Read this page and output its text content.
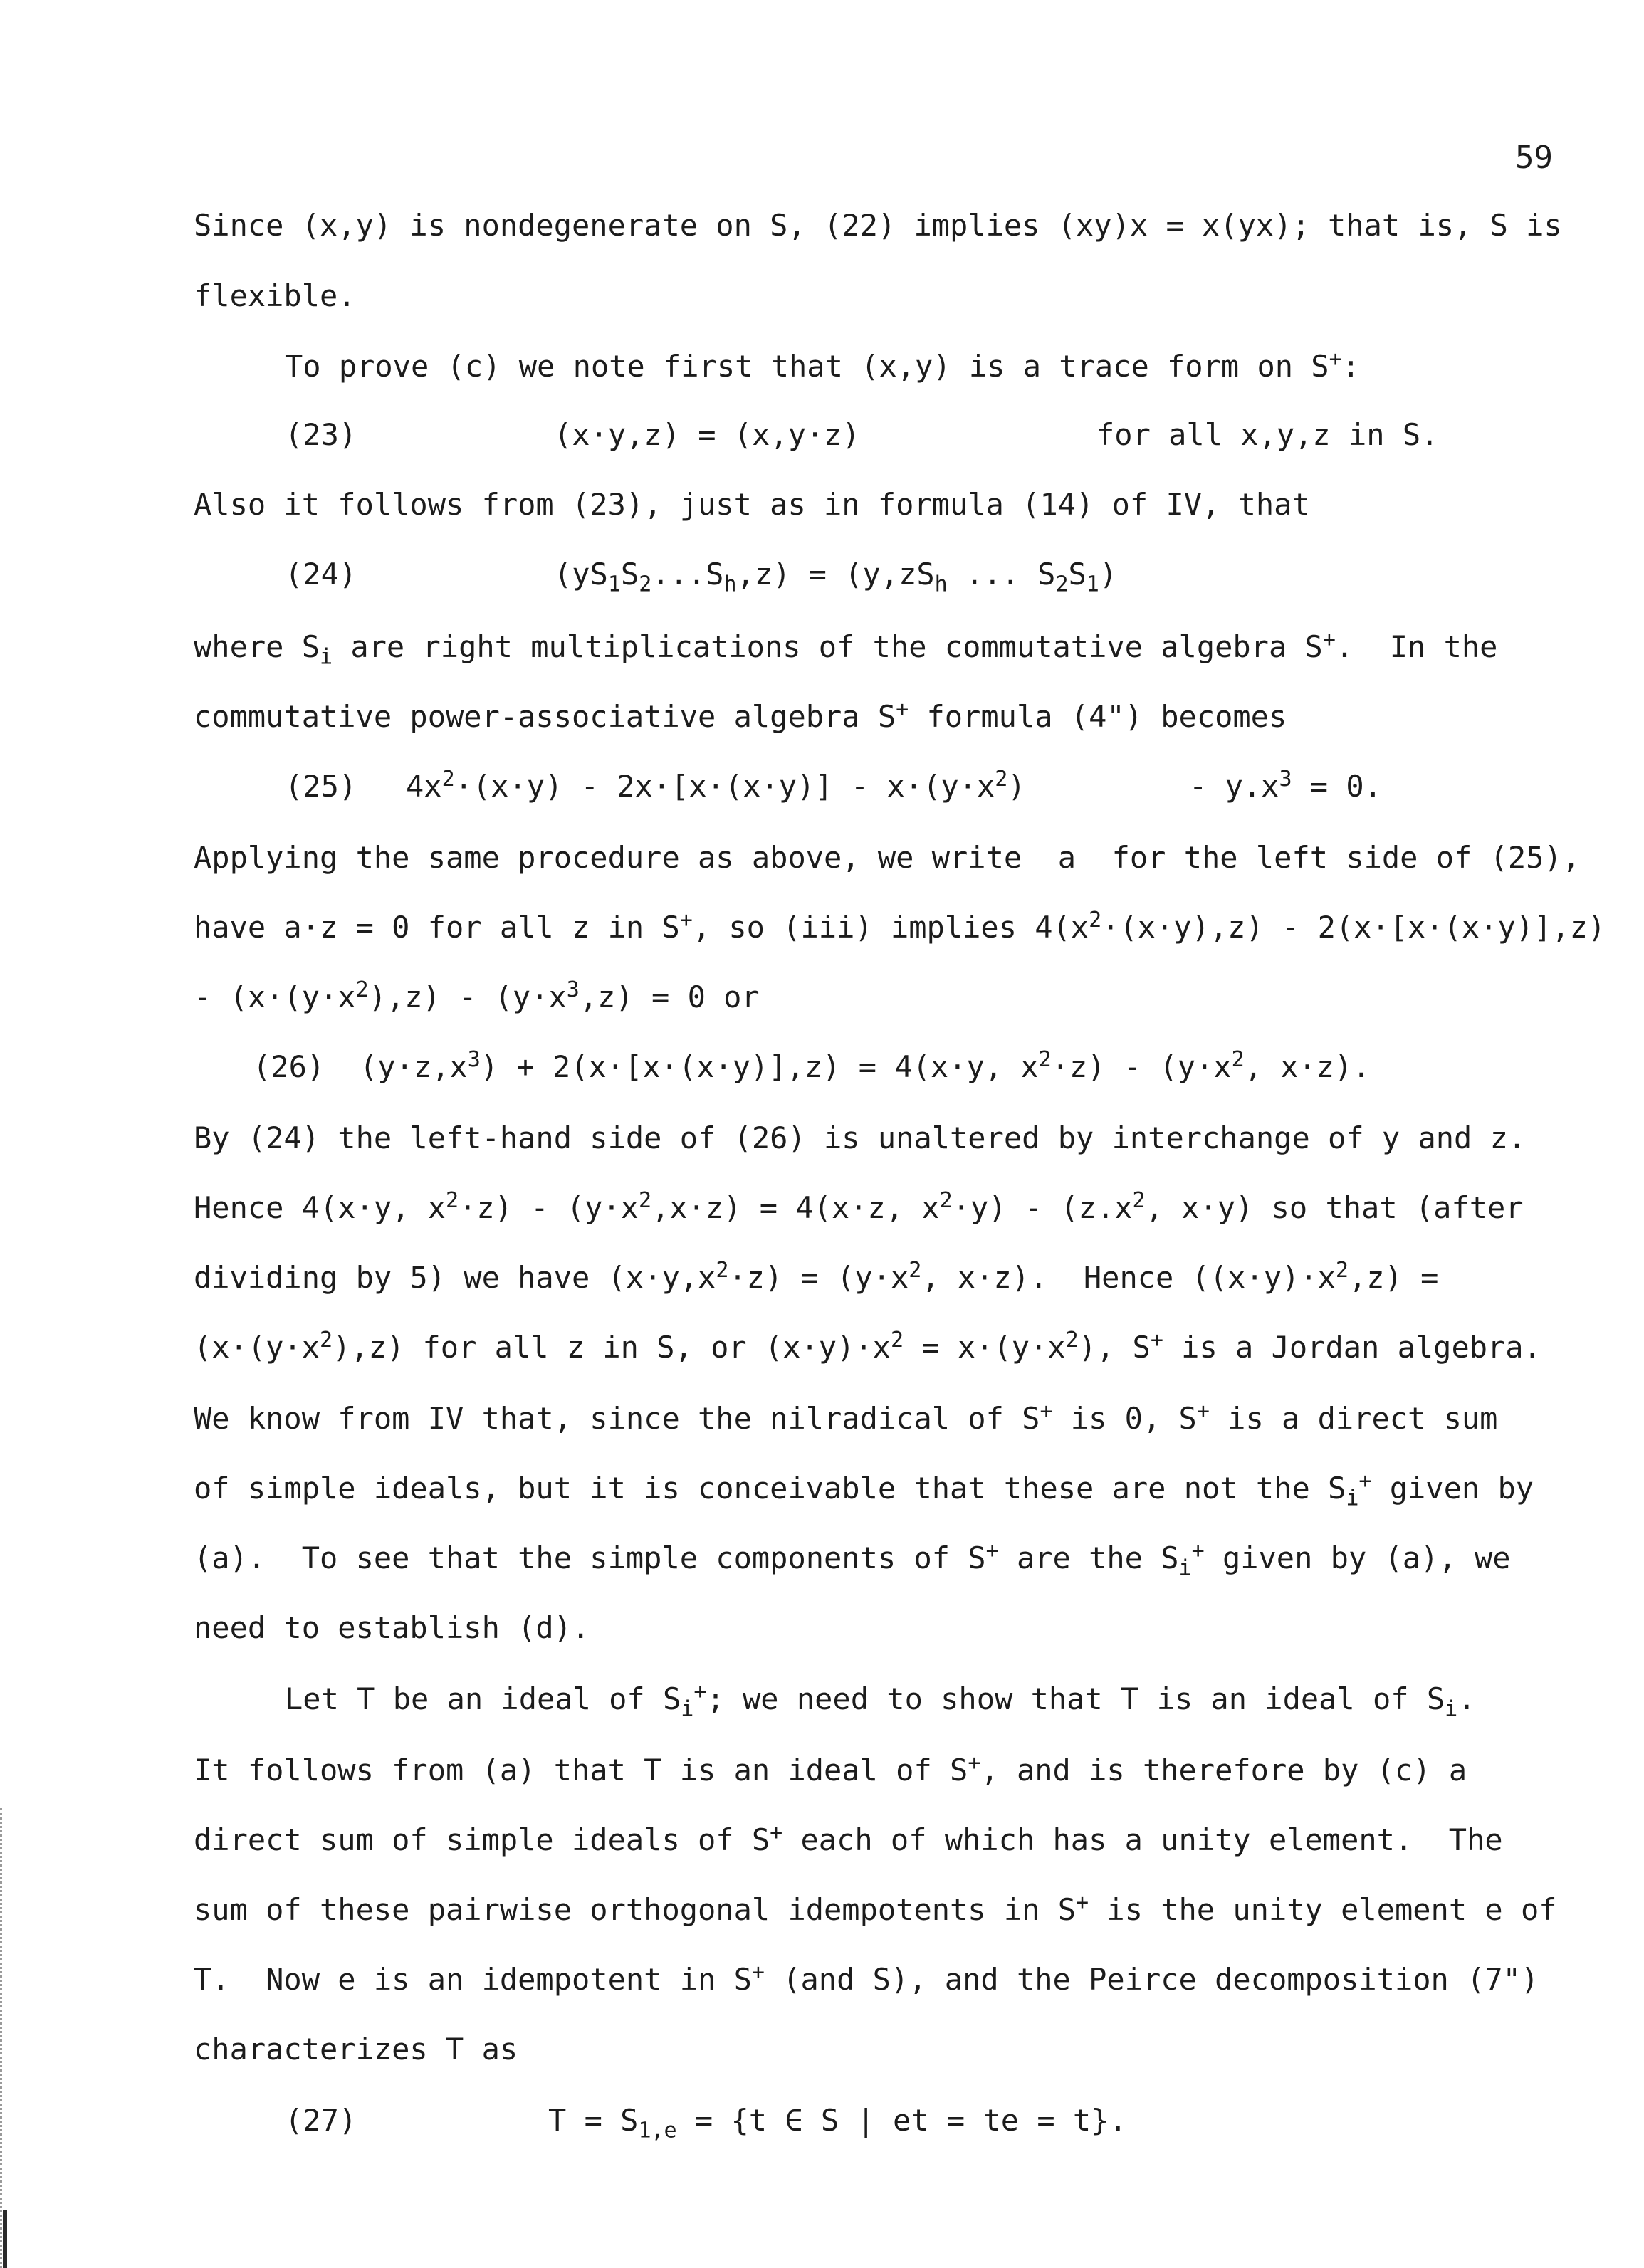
59
Since (x,y) is nondegenerate on S, (22) implies (xy)x = x(yx); that is, S is
flexible.
To prove (c) we note first that (x,y) is a trace form on S+:
(23)	(x·y,z) = (x,y·z)	for all x,y,z in S.
Also it follows from (23), just as in formula (14) of IV, that
(24)	$(yS_1S_2...S_h,z) = (y,zS_h$ ... $S_2S_1$)
where $S_i$ are right multiplications of the commutative algebra S+.  In the
commutative power-associative algebra S+ formula (4") becomes
(25) $4x^2\cdot(x\cdot y) - 2x\cdot[x\cdot(x\cdot y)] - x\cdot(y\cdot x^2)$	- $y.x^3 = 0$.
Applying the same procedure as above, we write  a  for the left side of (25),
have a·z = 0 for all z in S+, so (iii) implies $4(x^2\cdot(x\cdot y),z) - 2(x\cdot[x\cdot(x\cdot y)],z)$
- $(x\cdot(y\cdot x^2),z) - (y\cdot x^3,z) = 0$ or
(26) $(y\cdot z,x^3) + 2(x\cdot[x\cdot(x\cdot y)],z) = 4(x\cdot y$, $x^2\cdot z) - (y\cdot x^2$, x·z).
By (24) the left-hand side of (26) is unaltered by interchange of y and z.
Hence 4(x·y, $x^2\cdot z) - (y\cdot x^2,x\cdot z) = 4(x\cdot z$, $x^2\cdot y) - (z.x^2$, x·y) so that (after
dividing by 5) we have $(x\cdot y,x^2\cdot z) = (y\cdot x^2$, x·z).  Hence $((x\cdot y)\cdot x^2,z)$ =
$(x\cdot(y\cdot x^2),z)$ for all z in S, or $(x\cdot y)\cdot x^2 = x\cdot(y\cdot x^2)$, S+ is a Jordan algebra.
We know from IV that, since the nilradical of S+ is 0, S+ is a direct sum
of simple ideals, but it is conceivable that these are not the $S_i^+$ given by
(a).  To see that the simple components of S+ are the $S_i^+$ given by (a), we
need to establish (d).
Let T be an ideal of $S_i^+$; we need to show that T is an ideal of $S_i$.
It follows from (a) that T is an ideal of S+, and is therefore by (c) a
direct sum of simple ideals of S+ each of which has a unity element.  The
sum of these pairwise orthogonal idempotents in S+ is the unity element e of
T.  Now e is an idempotent in S+ (and S), and the Peirce decomposition (7")
characterizes T as
(27)	$T = S_{1,e} = \{t$ ∈ S | et = te = t}.
